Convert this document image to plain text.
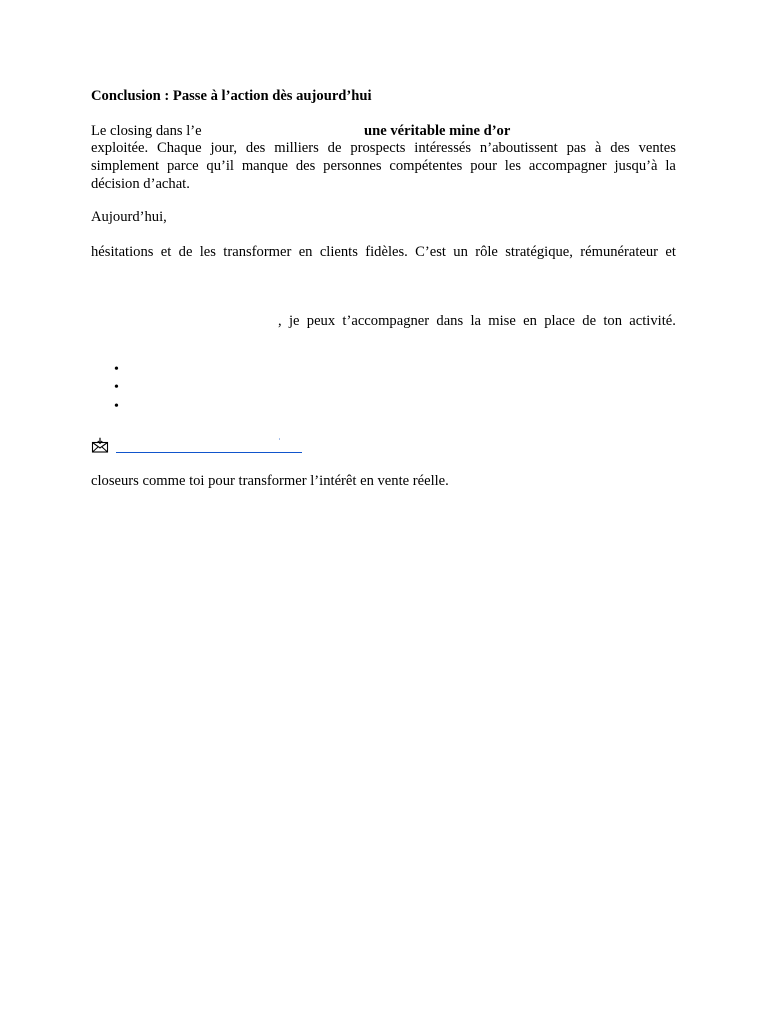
Conclusion : Passe à l’action dès aujourd’hui
Le closing dans l’e	une véritable mine d’or
exploitée. Chaque jour, des milliers de prospects intéressés n’aboutissent pas à des ventes
simplement parce qu’il manque des personnes compétentes pour les accompagner jusqu’à la
décision d’achat.
Aujourd’hui,
hésitations et de les transformer en clients fidèles. C’est un rôle stratégique, rémunérateur et
, je peux t’accompagner dans la mise en place de ton activité.
•
•
•
˙
closeurs comme toi pour transformer l’intérêt en vente réelle.
